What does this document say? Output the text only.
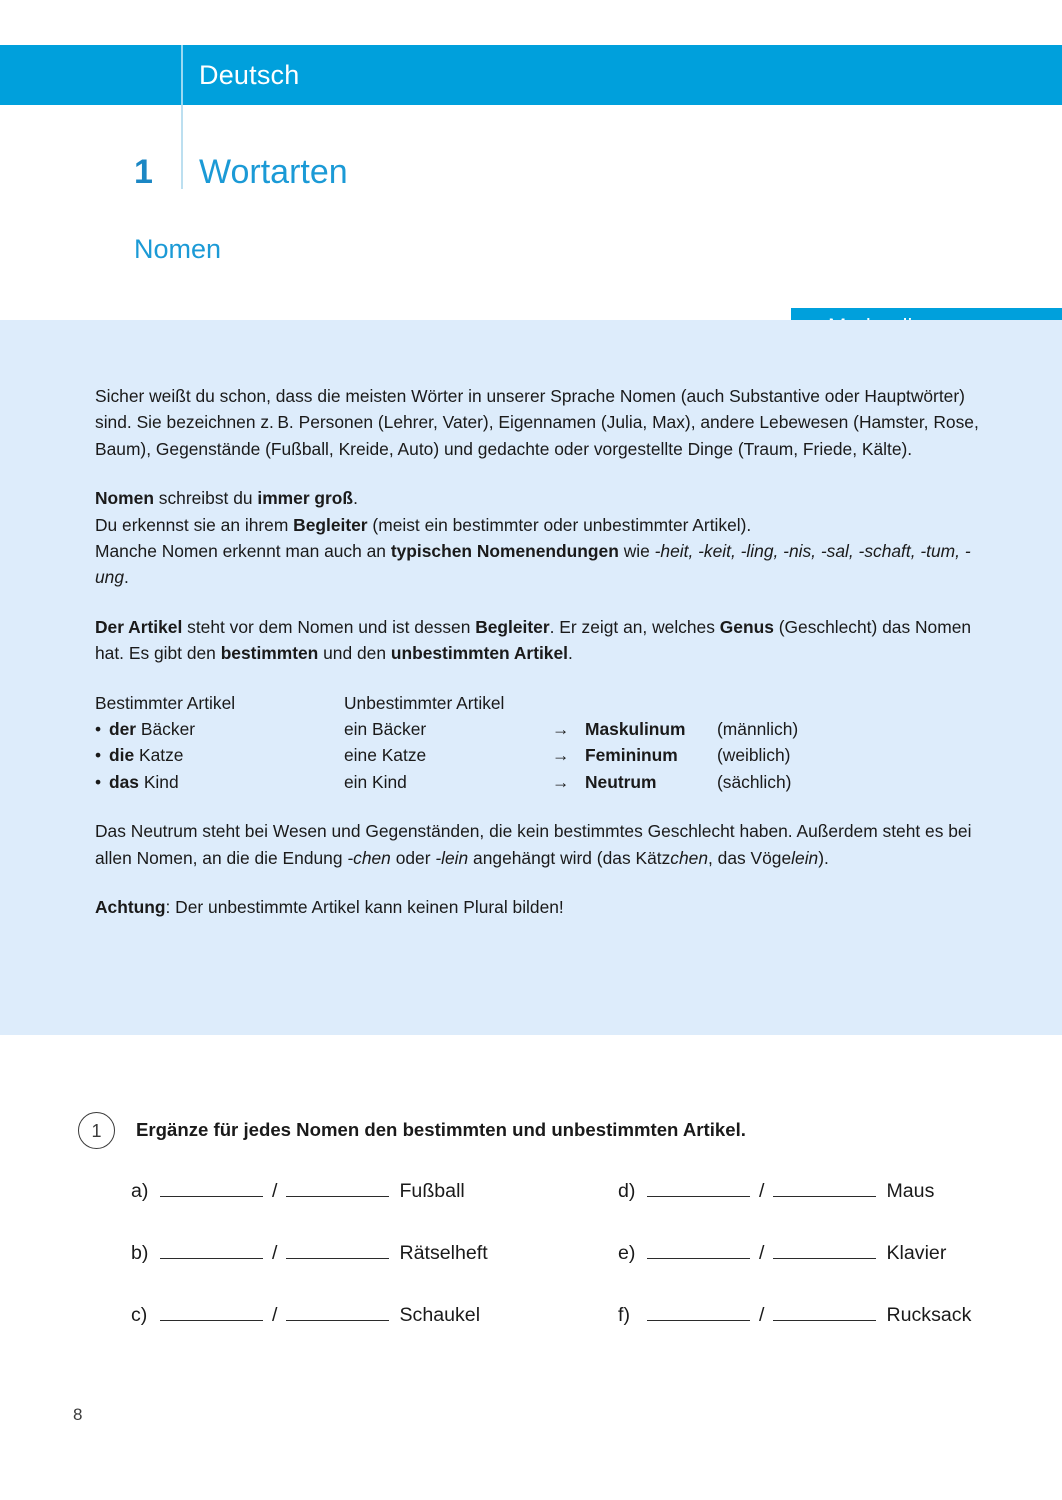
Deutsch
1 Wortarten
Nomen

Sicher weißt du schon, dass die meisten Wörter in unserer Sprache Nomen (auch Substantive oder Hauptwörter) sind. Sie bezeichnen z. B. Personen (Lehrer, Vater), Eigennamen (Julia, Max), andere Lebewesen (Hamster, Rose, Baum), Gegenstände (Fußball, Kreide, Auto) und gedachte oder vorgestellte Dinge (Traum, Friede, Kälte).

Nomen schreibst du immer groß.
Du erkennst sie an ihrem Begleiter (meist ein bestimmter oder unbestimmter Artikel).
Manche Nomen erkennt man auch an typischen Nomenendungen wie -heit, -keit, -ling, -nis, -sal, -schaft, -tum, -ung.

Der Artikel steht vor dem Nomen und ist dessen Begleiter. Er zeigt an, welches Genus (Geschlecht) das Nomen hat. Es gibt den bestimmten und den unbestimmten Artikel.

Bestimmter Artikel	Unbestimmter Artikel
• der Bäcker	ein Bäcker	→ Maskulinum	(männlich)
• die Katze	eine Katze	→ Femininum	(weiblich)
• das Kind	ein Kind	→ Neutrum	(sächlich)

Das Neutrum steht bei Wesen und Gegenständen, die kein bestimmtes Geschlecht haben. Außerdem steht es bei allen Nomen, an die die Endung -chen oder -lein angehängt wird (das Kätzchen, das Vögelein).

Achtung: Der unbestimmte Artikel kann keinen Plural bilden!

1	Ergänze für jedes Nomen den bestimmten und unbestimmten Artikel.
a)	/	Fußball
b)	/	Rätselheft
c)	/	Schaukel
d)	/	Maus
e)	/	Klavier
f)	/	Rucksack
8
